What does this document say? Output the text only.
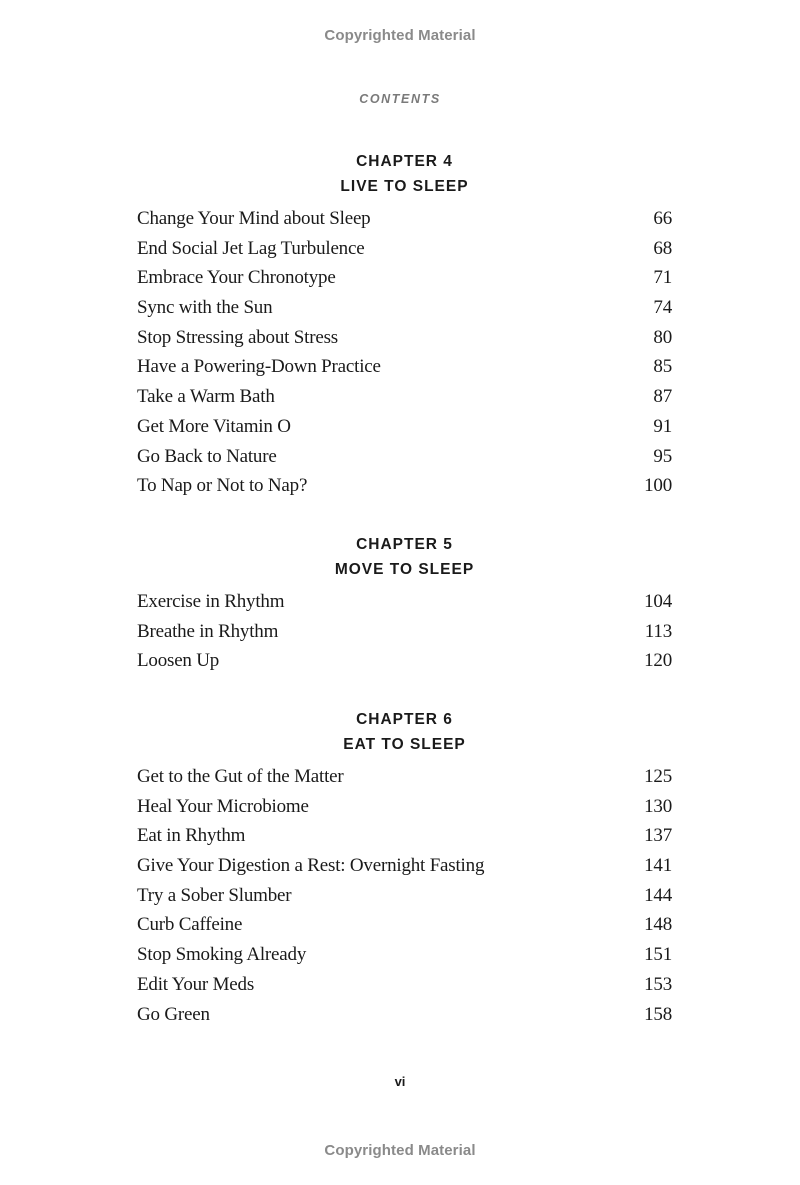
Copyrighted Material
CONTENTS
CHAPTER 4
LIVE TO SLEEP
Change Your Mind about Sleep	66
End Social Jet Lag Turbulence	68
Embrace Your Chronotype	71
Sync with the Sun	74
Stop Stressing about Stress	80
Have a Powering-Down Practice	85
Take a Warm Bath	87
Get More Vitamin O	91
Go Back to Nature	95
To Nap or Not to Nap?	100
CHAPTER 5
MOVE TO SLEEP
Exercise in Rhythm	104
Breathe in Rhythm	113
Loosen Up	120
CHAPTER 6
EAT TO SLEEP
Get to the Gut of the Matter	125
Heal Your Microbiome	130
Eat in Rhythm	137
Give Your Digestion a Rest: Overnight Fasting	141
Try a Sober Slumber	144
Curb Caffeine	148
Stop Smoking Already	151
Edit Your Meds	153
Go Green	158
vi
Copyrighted Material
